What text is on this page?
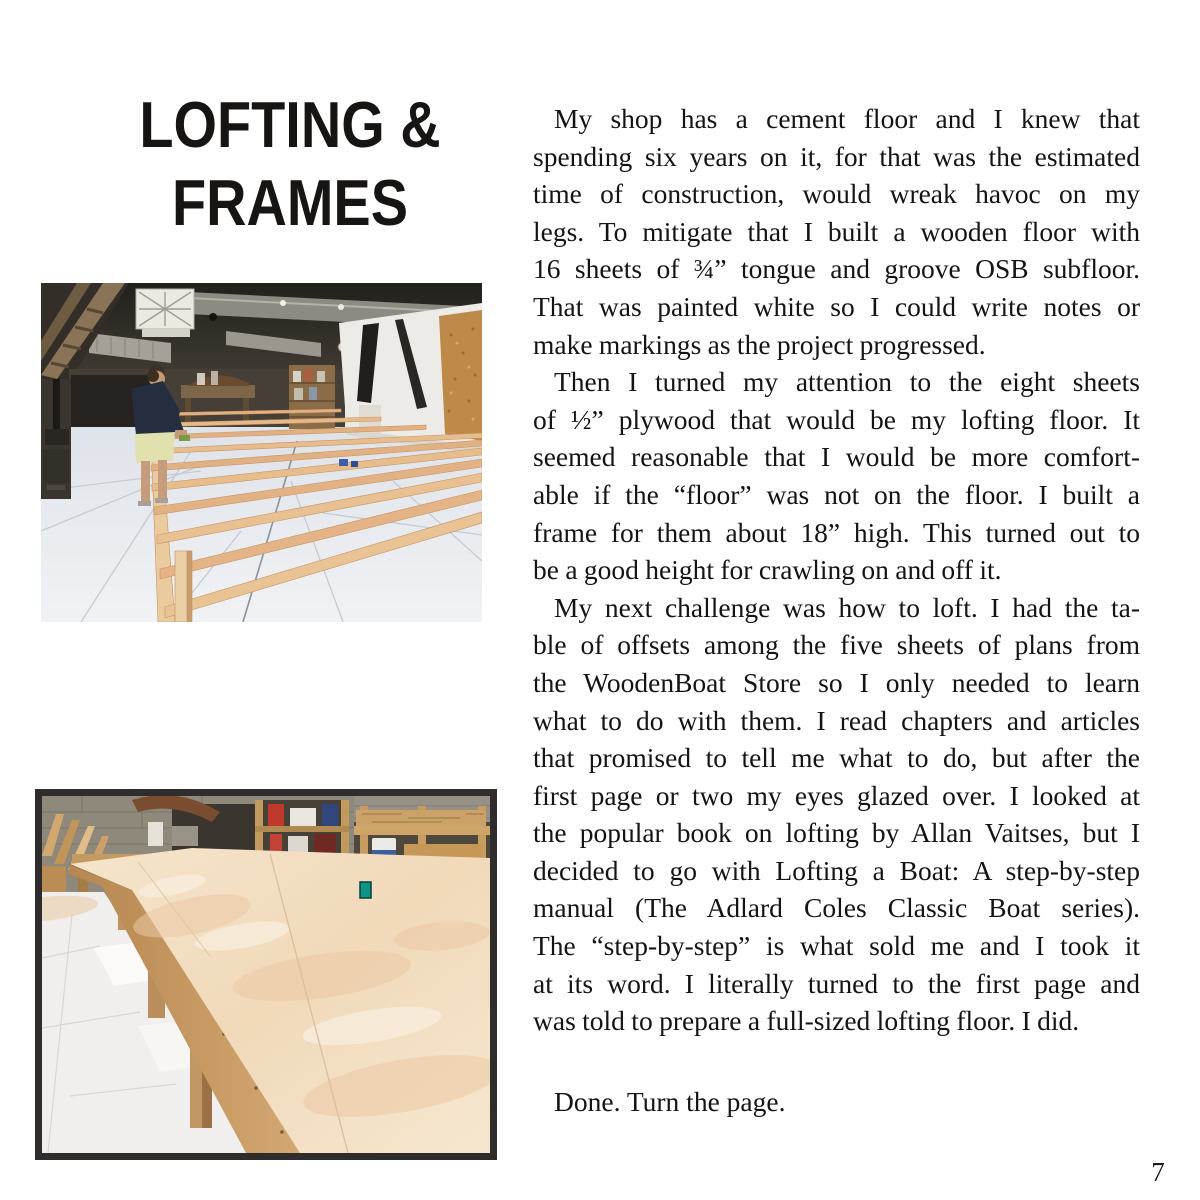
LOFTING &
FRAMES
My shop has a cement floor and I knew that
spending six years on it, for that was the estimated
time of construction, would wreak havoc on my
legs. To mitigate that I built a wooden floor with
16 sheets of ¾” tongue and groove OSB subfloor.
That was painted white so I could write notes or
make markings as the project progressed.
Then I turned my attention to the eight sheets
of ½” plywood that would be my lofting floor. It
seemed reasonable that I would be more comfort-
able if the “floor” was not on the floor. I built a
frame for them about 18” high. This turned out to
be a good height for crawling on and off it.
My next challenge was how to loft. I had the ta-
ble of offsets among the five sheets of plans from
the WoodenBoat Store so I only needed to learn
what to do with them. I read chapters and articles
that promised to tell me what to do, but after the
first page or two my eyes glazed over. I looked at
the popular book on lofting by Allan Vaitses, but I
decided to go with Lofting a Boat: A step-by-step
manual (The Adlard Coles Classic Boat series).
The “step-by-step” is what sold me and I took it
at its word. I literally turned to the first page and
was told to prepare a full-sized lofting floor. I did.
Done. Turn the page.
7
